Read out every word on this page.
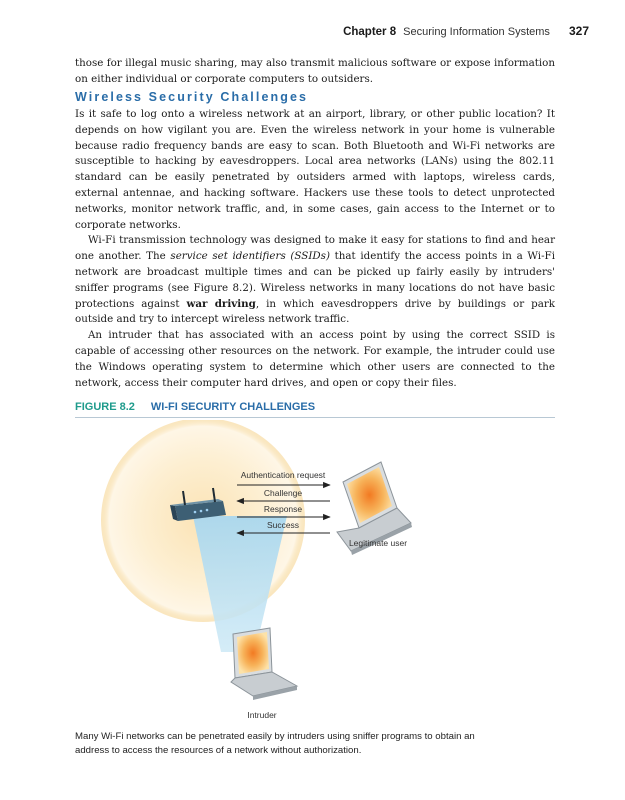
Chapter 8 Securing Information Systems 327

those for illegal music sharing, may also transmit malicious software or expose information on either individual or corporate computers to outsiders.

Wireless Security Challenges

Is it safe to log onto a wireless network at an airport, library, or other public location? It depends on how vigilant you are. Even the wireless network in your home is vulnerable because radio frequency bands are easy to scan. Both Bluetooth and Wi-Fi networks are susceptible to hacking by eavesdroppers. Local area networks (LANs) using the 802.11 standard can be easily penetrated by outsiders armed with laptops, wireless cards, external antennae, and hacking software. Hackers use these tools to detect unprotected networks, monitor network traffic, and, in some cases, gain access to the Internet or to corporate networks.

Wi-Fi transmission technology was designed to make it easy for stations to find and hear one another. The service set identifiers (SSIDs) that identify the access points in a Wi-Fi network are broadcast multiple times and can be picked up fairly easily by intruders' sniffer programs (see Figure 8.2). Wireless networks in many locations do not have basic protections against war driving, in which eavesdroppers drive by buildings or park outside and try to intercept wireless network traffic.

An intruder that has associated with an access point by using the correct SSID is capable of accessing other resources on the network. For example, the intruder could use the Windows operating system to determine which other users are connected to the network, access their computer hard drives, and open or copy their files.

FIGURE 8.2 WI-FI SECURITY CHALLENGES
Authentication request
Challenge
Response
Success
Legitimate user
Intruder
Many Wi-Fi networks can be penetrated easily by intruders using sniffer programs to obtain an address to access the resources of a network without authorization.
